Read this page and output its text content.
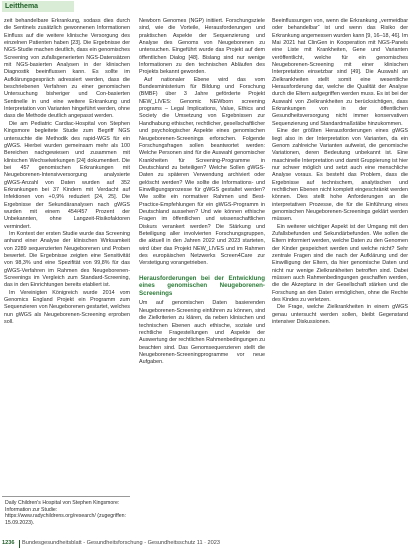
Leitthema

zeit behandelbare Erkrankung, sodass dies durch die Sentinels zusätzlich gewonnenen Informationen Einfluss auf die weitere klinische Versorgung des einzelnen Patienten haben [23]. Die Ergebnisse der NGS-Studie machen deutlich, dass ein genomisches Screening von zufallsgenerierten NGS-Datensätzen mit NGS-basierten Analysen in der klinischen Diagnostik beeinflussen kann. Es sollte im Aufklärungsgespräch adressiert werden, dass die beschriebenen Verfahren zu einer genomischen Untersuchung bisheriger und Con-basierten Sentinelle in und eine weitere Erkrankung und Interpretation von Varianten hingeführt werden, ohne dass die Methode deutlich angepasst werden.

Die am Pediatric Cardiac-Hospital von Stephen Kingsmore begleitete Studie zum Begriff NGS untersuchte die Methodik des rapid-WGS für ein gWGS. Hierbei wurden gemeinsam mehr als 100 Bereichen nachgewiesen und zusammen mit klinischen Wechselwirkungen [24] dokumentiert. Die bei 457 genomischen Erkrankungen mit Neugeborenen-Intensivversorgung analysierte gWGS-Anzahl von Daten wurden auf 352 Erkrankungen bei 37 Kindern mit Verdacht auf Infektionen von +0,9% reduziert [24, 25]. Die Ergebnisse der Sekundäranalysen nach gWGS wurden mit einem 454/457 Prozent der Unbekannten, ohne Langzeit-Risikofaktoren vermindert.

Im Kontext der ersten Studie wurde das Screening anhand einer Analyse der klinischen Wirksamkeit von 2289 sequenzierten Neugeborenen und Proben bewertet. Die Ergebnisse zeigten eine Sensitivität von 98,3% und eine Spezifität von 99,8% für das gWGS-Verfahren im Rahmen des Neugeborenen-Screenings im Vergleich zum Standard-Screening, das in den Einrichtungen bereits etabliert ist.

Im Vereinigten Königreich wurde 2014 vom Genomics England Projekt ein Programm zum Sequenzieren von Neugeborenen gestartet, welches nun gWGS als Neugeborenen-Screening erproben soll.

Newborn Genomes (NGP) initiiert. Forschungsziele sind, wie die Vorteile, Herausforderungen und praktischen Aspekte der Sequenzierung und Analyse des Genoms von Neugeborenen zu untersuchen. Eingeführt wurde das Projekt auf dem öffentlichen Dialog [48]. Bislang sind nur wenige Informationen zu den technischen Abläufen des Projekts bekannt geworden.

Auf nationaler Ebene wird das vom Bundesministerium für Bildung und Forschung (BMBF) über 3 Jahre geförderte Projekt NEW_LIVES: Genomic NEWborn screening programs – Legal Implications, Value, Ethics and Society die Umsetzung von Ergebnissen zur Handhabung ethischer, rechtlicher, gesellschaftlicher und psychologischer Aspekte eines genomischen Neugeborenen-Screenings erforschen. Folgende Forschungsfragen sollen beantwortet werden: Welche Personen sind für die Auswahl genomischer Krankheiten für Screening-Programme in Deutschland zu beteiligen? Welche Sollen gWGS-Daten zu späteren Verwendung archiviert oder gelöscht werden? Wie sollte die Informations- und Einwilligungsprozesse für gWGS gestaltet werden? Wie sollte ein normativer Rahmen und Best-Practice-Empfehlungen für ein gWGS-Programm in Deutschland aussehen? Und wie können ethische Fragen im öffentlichen und wissenschaftlichen Diskurs verankert werden? Die Stärkung und Beteiligung aller involvierten Forschungsgruppen, die aktuell in den Jahren 2022 und 2023 starteten, wird über das Projekt NEW_LIVES und im Rahmen des europäischen Netzwerks Screen4Care zur Verstetigung vorangetrieben.

Herausforderungen bei der Entwicklung eines genomischen Neugeborenen-Screenings

Um auf genomischen Daten basierenden Neugeborenen-Screening einführen zu können, sind die Zielkriterien zu klären, da neben klinischen und technischen Ebenen auch ethische, soziale und rechtliche Fragestellungen und Aspekte der Auswertung der rechtlichen Rahmenbedingungen zu beachten sind. Das Genomsequenzieren stellt die Neugeborenen-Screeningprogramme vor neue Aufgaben.

Beeinflussungen von, wenn die Erkrankung „vermeidbar oder behandelbar“ ist und wenn das Risiko der Erkrankung angemessen wurden kann [9, 16–18, 46]. Im Mai 2021 hat ClinGen in Kooperation mit NGS-Panels eine Liste mit Krankheiten, Gene und Varianten veröffentlicht, welche für ein genomisches Neugeborenen-Screening mit einer klinischen Interpretation einsetzbar sind [49]. Die Auswahl an Zielkrankheiten stellt somit eine wesentliche Herausforderung dar, welche die Qualität der Analyse durch die Eltern aufgegriffen werden muss. Es ist bei der Auswahl von Zielkrankheiten zu berücksichtigen, dass Erkrankungen von in der öffentlichen Gesundheitsversorgung nicht immer konservativen Sequenzierung und Standardmaßstäbe hinzukommen.

Eine der größten Herausforderungen eines gWGS liegt also in der Interpretation von Varianten, da ein Genom zahlreiche Varianten aufweist, die genomische Variationen, deren Bedeutung unbekannt ist. Eine maschinelle Interpretation und damit Gruppierung ist hier nur schwer möglich und setzt auch eine menschliche Analyse voraus. Es besteht das Problem, dass die Ergebnisse auf technischem, analytischen und rechtlichen Ebenen nicht komplett eingeschränkt werden können. Dies stellt hohe Anforderungen an die interpretativen Prozesse, die für die Einführung eines genomischen Neugeborenen-Screenings geklärt werden müssen.

Ein weiterer wichtiger Aspekt ist der Umgang mit den Zufallsbefunden und Sekundärbefunden. Wie sollen die Eltern informiert werden, welche Daten zu den Genomen der Kinder gespeichert werden und welche nicht? Sehr zentrale Fragen sind die nach der Aufklärung und der Einwilligung der Eltern, da hier genomische Daten und nicht nur wenige Zielkrankheiten betroffen sind. Dabei müssen auch Rahmenbedingungen geschaffen werden, die die Akzeptanz in der Gesellschaft stärken und die Forschung an den Daten ermöglichen, ohne die Rechte des Kindes zu verletzen.

Die Frage, welche Zielkrankheiten in einem gWGS genau untersucht werden sollen, bleibt Gegenstand intensiver Diskussionen.

Daily Children's Hospital von Stephen Kingsmore: Information zur Studie: https://www.radychildrens.org/research/ (zugegriffen: 15.09.2023).
1236 Bundesgesundheitsblatt - Gesundheitsforschung - Gesundheitsschutz 11 · 2023
